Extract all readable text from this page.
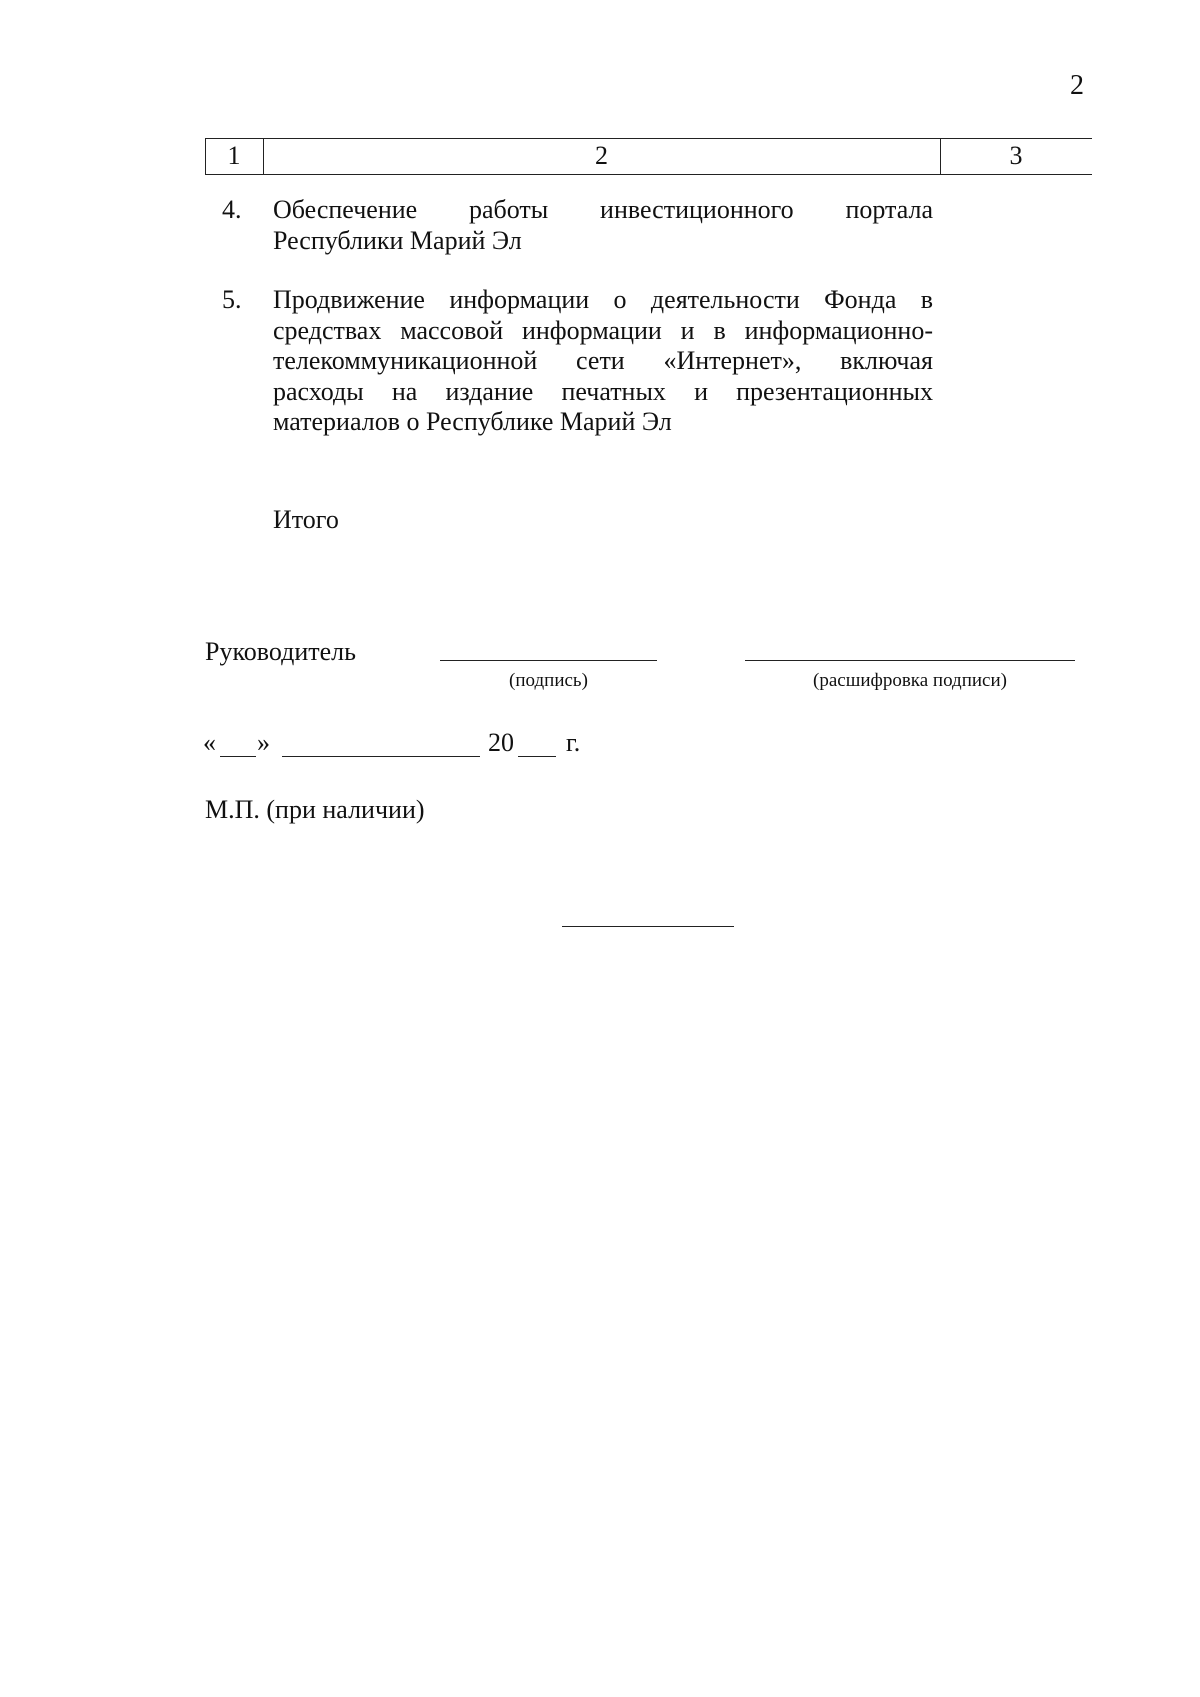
2
1	2	3
4. Обеспечение работы инвестиционного портала Республики Марий Эл
5. Продвижение информации о деятельности Фонда в средствах массовой информации и в информационно-телекоммуникационной сети «Интернет», включая расходы на издание печатных и презентационных материалов о Республике Марий Эл
Итого
Руководитель
(подпись)	(расшифровка подписи)
« »	20 г.
М.П. (при наличии)
